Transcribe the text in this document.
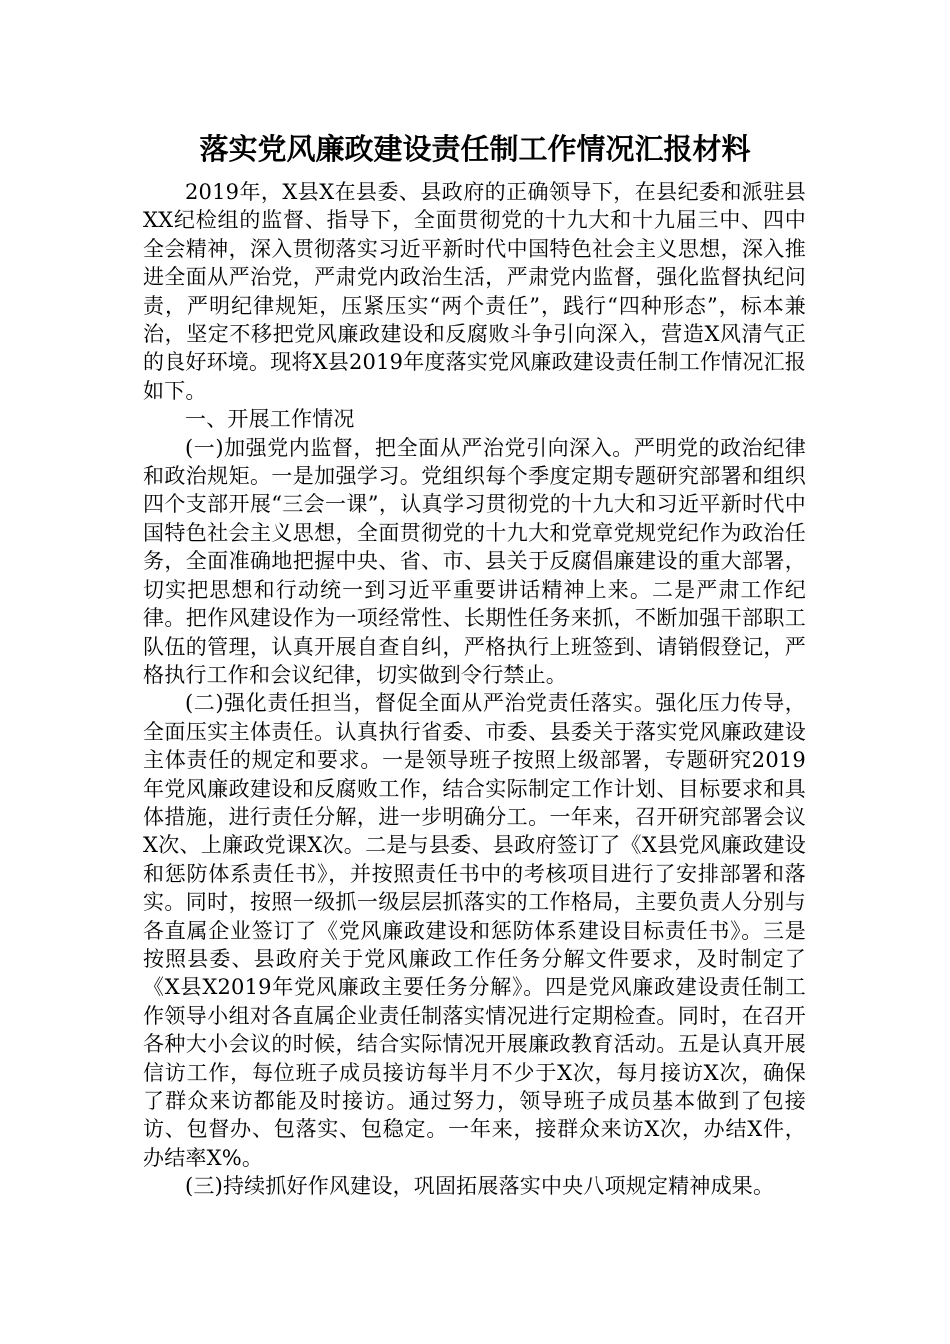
落实党风廉政建设责任制工作情况汇报材料

2019年，X县X在县委、县政府的正确领导下，在县纪委和派驻县XX纪检组的监督、指导下，全面贯彻党的十九大和十九届三中、四中全会精神，深入贯彻落实习近平新时代中国特色社会主义思想，深入推进全面从严治党，严肃党内政治生活，严肃党内监督，强化监督执纪问责，严明纪律规矩，压紧压实“两个责任”，践行“四种形态”，标本兼治，坚定不移把党风廉政建设和反腐败斗争引向深入，营造X风清气正的良好环境。现将X县2019年度落实党风廉政建设责任制工作情况汇报如下。

一、开展工作情况

(一)加强党内监督，把全面从严治党引向深入。严明党的政治纪律和政治规矩。一是加强学习。党组织每个季度定期专题研究部署和组织四个支部开展“三会一课”，认真学习贯彻党的十九大和习近平新时代中国特色社会主义思想，全面贯彻党的十九大和党章党规党纪作为政治任务，全面准确地把握中央、省、市、县关于反腐倡廉建设的重大部署，切实把思想和行动统一到习近平重要讲话精神上来。二是严肃工作纪律。把作风建设作为一项经常性、长期性任务来抓，不断加强干部职工队伍的管理，认真开展自查自纠，严格执行上班签到、请销假登记，严格执行工作和会议纪律，切实做到令行禁止。

(二)强化责任担当，督促全面从严治党责任落实。强化压力传导，全面压实主体责任。认真执行省委、市委、县委关于落实党风廉政建设主体责任的规定和要求。一是领导班子按照上级部署，专题研究2019年党风廉政建设和反腐败工作，结合实际制定工作计划、目标要求和具体措施，进行责任分解，进一步明确分工。一年来，召开研究部署会议X次、上廉政党课X次。二是与县委、县政府签订了《X县党风廉政建设和惩防体系责任书》，并按照责任书中的考核项目进行了安排部署和落实。同时，按照一级抓一级层层抓落实的工作格局，主要负责人分别与各直属企业签订了《党风廉政建设和惩防体系建设目标责任书》。三是按照县委、县政府关于党风廉政工作任务分解文件要求，及时制定了《X县X2019年党风廉政主要任务分解》。四是党风廉政建设责任制工作领导小组对各直属企业责任制落实情况进行定期检查。同时，在召开各种大小会议的时候，结合实际情况开展廉政教育活动。五是认真开展信访工作，每位班子成员接访每半月不少于X次，每月接访X次，确保了群众来访都能及时接访。通过努力，领导班子成员基本做到了包接访、包督办、包落实、包稳定。一年来，接群众来访X次，办结X件，办结率X%。

(三)持续抓好作风建设，巩固拓展落实中央八项规定精神成果。
